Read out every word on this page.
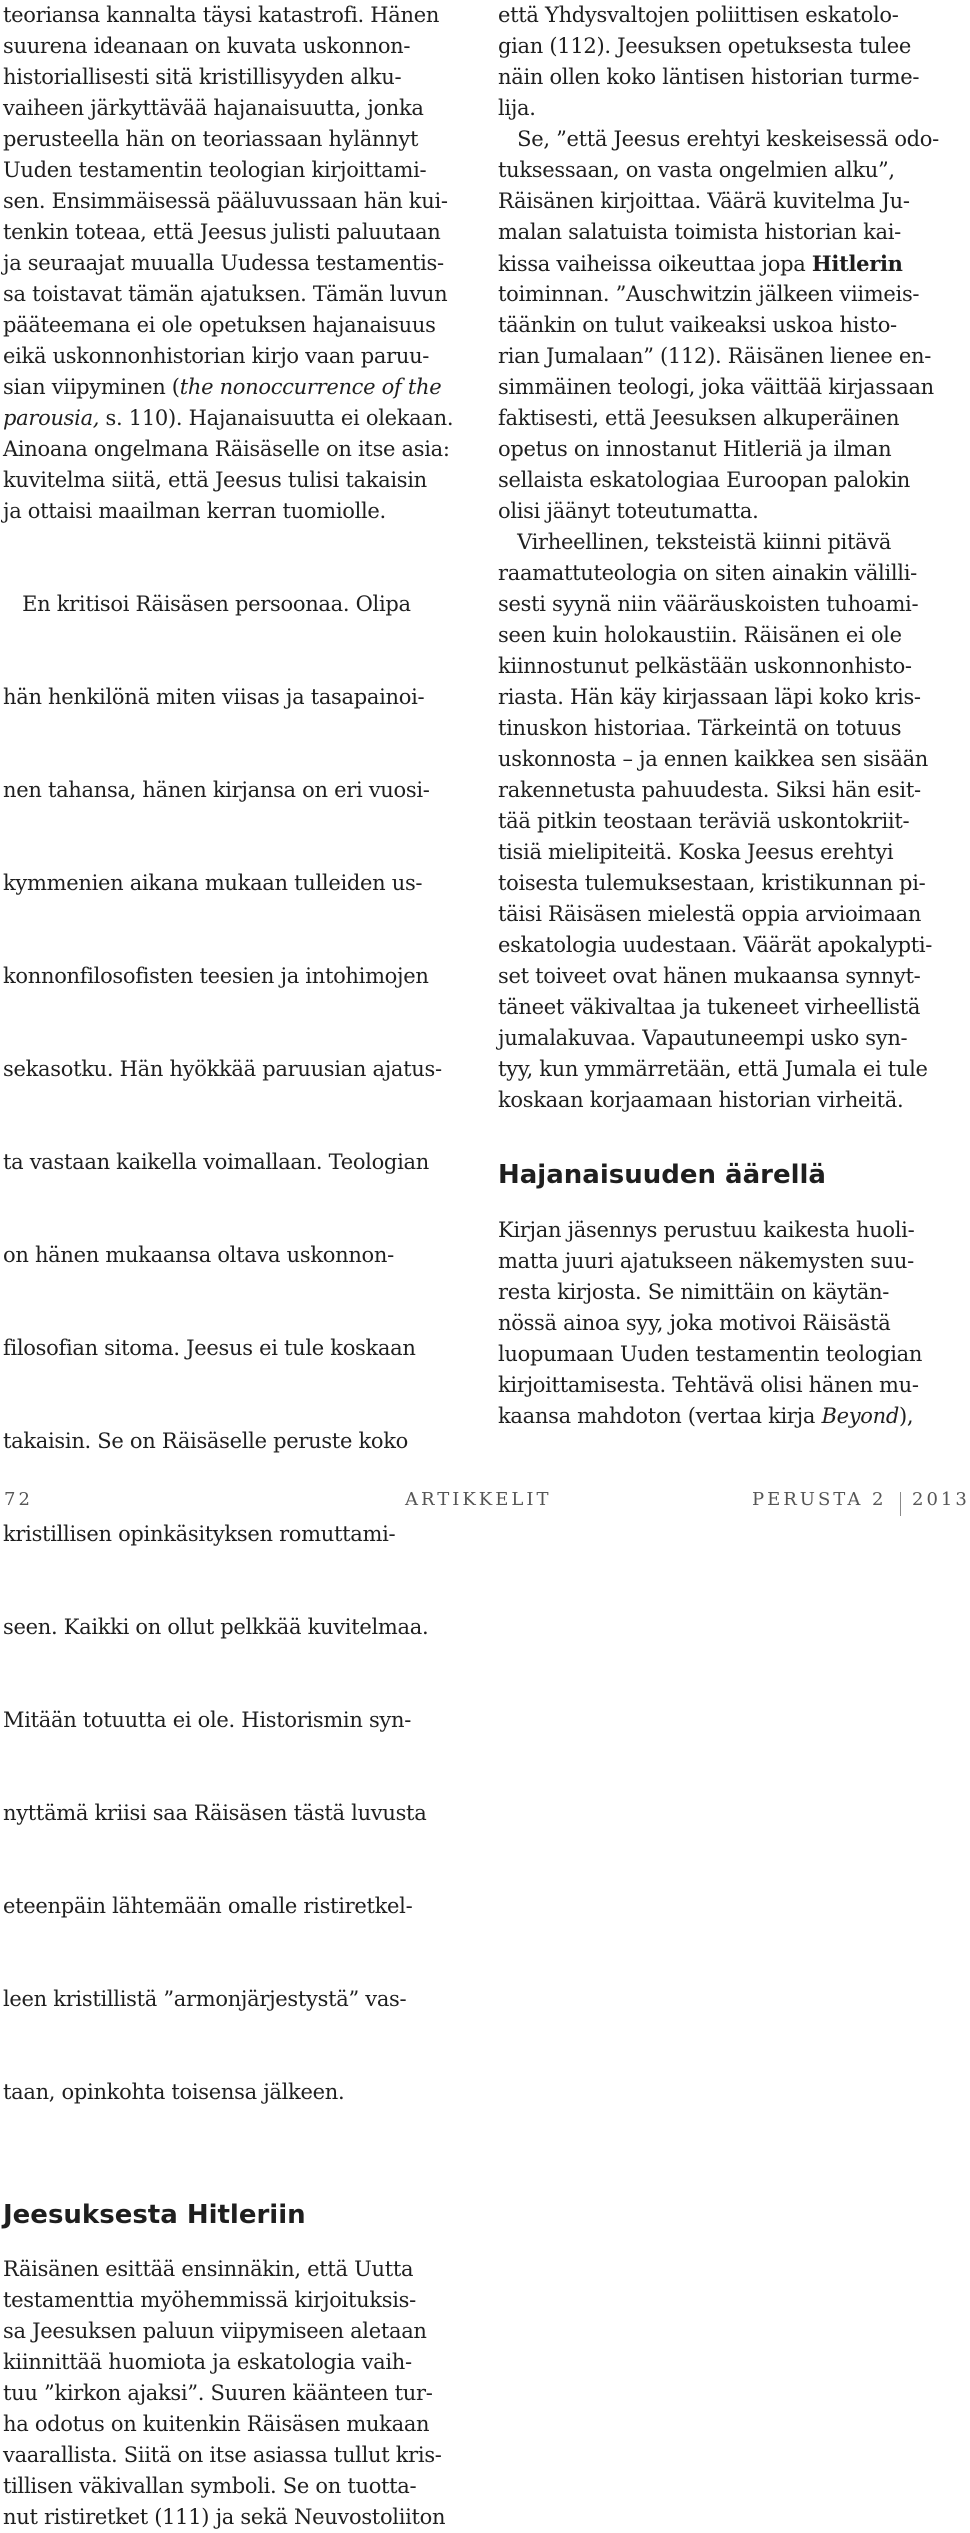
teoriansa kannalta täysi katastrofi. Hänen
suurena ideanaan on kuvata uskonnon-
historiallisesti sitä kristillisyyden alku-
vaiheen järkyttävää hajanaisuutta, jonka
perusteella hän on teoriassaan hylännyt
Uuden testamentin teologian kirjoittami-
sen. Ensimmäisessä pääluvussaan hän kui-
tenkin toteaa, että Jeesus julisti paluutaan
ja seuraajat muualla Uudessa testamentis-
sa toistavat tämän ajatuksen. Tämän luvun
pääteemana ei ole opetuksen hajanaisuus
eikä uskonnonhistorian kirjo vaan paruu-
sian viipyminen (the nonoccurrence of the
parousia, s. 110). Hajanaisuutta ei olekaan.
Ainoana ongelmana Räisäselle on itse asia:
kuvitelma siitä, että Jeesus tulisi takaisin
ja ottaisi maailman kerran tuomiolle.

En kritisoi Räisäsen persoonaa. Olipa

hän henkilönä miten viisas ja tasapainoi-

nen tahansa, hänen kirjansa on eri vuosi-

kymmenien aikana mukaan tulleiden us-

konnonfilosofisten teesien ja intohimojen

sekasotku. Hän hyökkää paruusian ajatus-

ta vastaan kaikella voimallaan. Teologian

on hänen mukaansa oltava uskonnon-

filosofian sitoma. Jeesus ei tule koskaan

takaisin. Se on Räisäselle peruste koko

kristillisen opinkäsityksen romuttami-

seen. Kaikki on ollut pelkkää kuvitelmaa.

Mitään totuutta ei ole. Historismin syn-

nyttämä kriisi saa Räisäsen tästä luvusta

eteenpäin lähtemään omalle ristiretkel-

leen kristillistä ”armonjärjestystä” vas-

taan, opinkohta toisensa jälkeen.

Jeesuksesta Hitleriin
Räisänen esittää ensinnäkin, että Uutta
testamenttia myöhemmissä kirjoituksis-
sa Jeesuksen paluun viipymiseen aletaan
kiinnittää huomiota ja eskatologia vaih-
tuu ”kirkon ajaksi”. Suuren käänteen tur-
ha odotus on kuitenkin Räisäsen mukaan
vaarallista. Siitä on itse asiassa tullut kris-
tillisen väkivallan symboli. Se on tuotta-
nut ristiretket (111) ja sekä Neuvostoliiton
että Yhdysvaltojen poliittisen eskatolo-
gian (112). Jeesuksen opetuksesta tulee
näin ollen koko läntisen historian turme-
lija.
Se, ”että Jeesus erehtyi keskeisessä odo-
tuksessaan, on vasta ongelmien alku”,
Räisänen kirjoittaa. Väärä kuvitelma Ju-
malan salatuista toimista historian kai-
kissa vaiheissa oikeuttaa jopa Hitlerin
toiminnan. ”Auschwitzin jälkeen viimeis-
täänkin on tulut vaikeaksi uskoa histo-
rian Jumalaan” (112). Räisänen lienee en-
simmäinen teologi, joka väittää kirjassaan
faktisesti, että Jeesuksen alkuperäinen
opetus on innostanut Hitleriä ja ilman
sellaista eskatologiaa Euroopan palokin
olisi jäänyt toteutumatta.
Virheellinen, teksteistä kiinni pitävä
raamattuteologia on siten ainakin välilli-
sesti syynä niin vääräuskoisten tuhoami-
seen kuin holokaustiin. Räisänen ei ole
kiinnostunut pelkästään uskonnonhisto-
riasta. Hän käy kirjassaan läpi koko kris-
tinuskon historiaa. Tärkeintä on totuus
uskonnosta – ja ennen kaikkea sen sisään
rakennetusta pahuudesta. Siksi hän esit-
tää pitkin teostaan teräviä uskontokriit-
tisiä mielipiteitä. Koska Jeesus erehtyi
toisesta tulemuksestaan, kristikunnan pi-
täisi Räisäsen mielestä oppia arvioimaan
eskatologia uudestaan. Väärät apokalypti-
set toiveet ovat hänen mukaansa synnyt-
täneet väkivaltaa ja tukeneet virheellistä
jumalakuvaa. Vapautuneempi usko syn-
tyy, kun ymmärretään, että Jumala ei tule
koskaan korjaamaan historian virheitä.
Hajanaisuuden äärellä
Kirjan jäsennys perustuu kaikesta huoli-
matta juuri ajatukseen näkemysten suu-
resta kirjosta. Se nimittäin on käytän-
nössä ainoa syy, joka motivoi Räisästä
luopumaan Uuden testamentin teologian
kirjoittamisesta. Tehtävä olisi hänen mu-
kaansa mahdoton (vertaa kirja Beyond),
72	ARTIKKELIT	PERUSTA 2 2013
